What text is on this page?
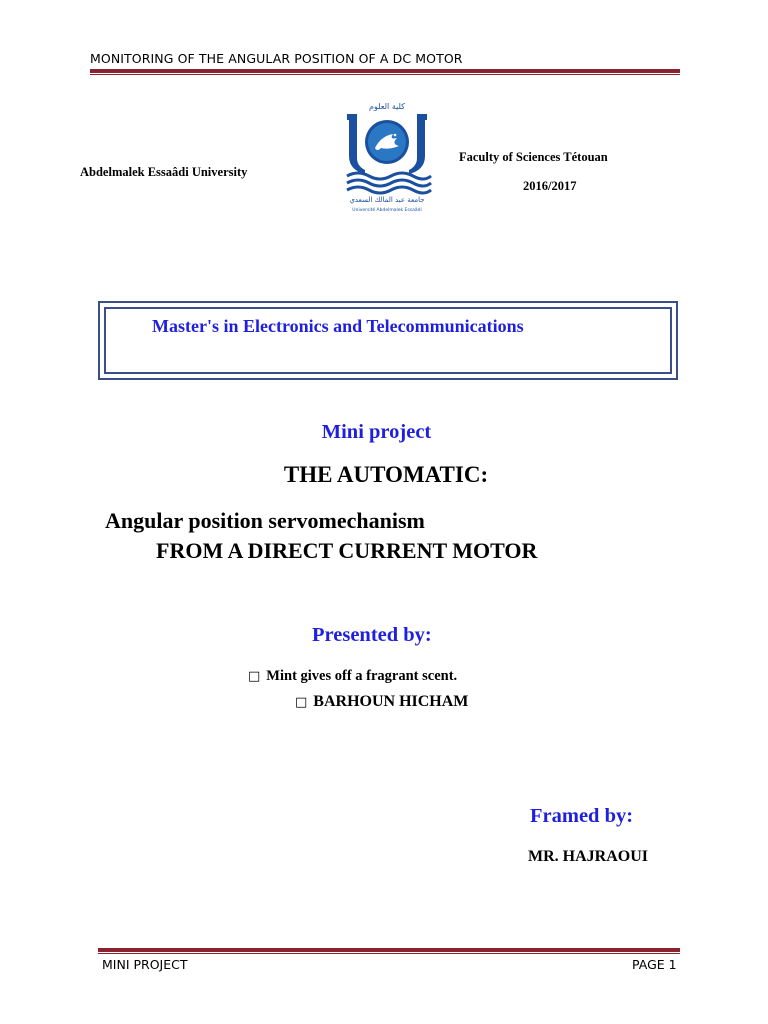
MONITORING OF THE ANGULAR POSITION OF A DC MOTOR
كلية العلوم
جامعة عبد المالك السعدي
Université Abdelmalek Essaâdi
Abdelmalek Essaâdi University
Faculty of Sciences Tétouan
2016/2017
Master's in Electronics and Telecommunications
Mini project
THE AUTOMATIC:
Angular position servomechanism
FROM A DIRECT CURRENT MOTOR
Presented by:
□ Mint gives off a fragrant scent.
□ BARHOUN HICHAM
Framed by:
MR. HAJRAOUI
MINI PROJECT	PAGE 1
